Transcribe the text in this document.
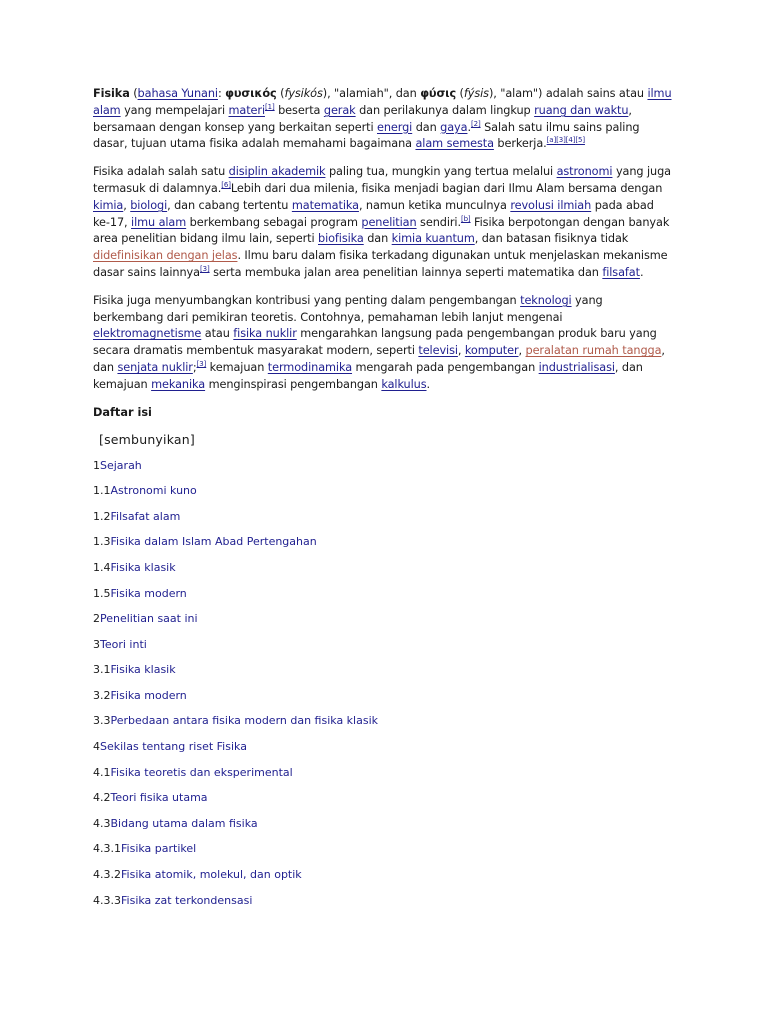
Fisika (bahasa Yunani: φυσικός (fysikós), "alamiah", dan φύσις (fýsis), "alam") adalah sains atau ilmu alam yang mempelajari materi[1] beserta gerak dan perilakunya dalam lingkup ruang dan waktu, bersamaan dengan konsep yang berkaitan seperti energi dan gaya.[2] Salah satu ilmu sains paling dasar, tujuan utama fisika adalah memahami bagaimana alam semesta berkerja.[a][3][4][5]

Fisika adalah salah satu disiplin akademik paling tua, mungkin yang tertua melalui astronomi yang juga termasuk di dalamnya.[6]Lebih dari dua milenia, fisika menjadi bagian dari Ilmu Alam bersama dengan kimia, biologi, dan cabang tertentu matematika, namun ketika munculnya revolusi ilmiah pada abad ke-17, ilmu alam berkembang sebagai program penelitian sendiri.[b] Fisika berpotongan dengan banyak area penelitian bidang ilmu lain, seperti biofisika dan kimia kuantum, dan batasan fisiknya tidak didefinisikan dengan jelas. Ilmu baru dalam fisika terkadang digunakan untuk menjelaskan mekanisme dasar sains lainnya[3] serta membuka jalan area penelitian lainnya seperti matematika dan filsafat.

Fisika juga menyumbangkan kontribusi yang penting dalam pengembangan teknologi yang berkembang dari pemikiran teoretis. Contohnya, pemahaman lebih lanjut mengenai elektromagnetisme atau fisika nuklir mengarahkan langsung pada pengembangan produk baru yang secara dramatis membentuk masyarakat modern, seperti televisi, komputer, peralatan rumah tangga, dan senjata nuklir;[3] kemajuan termodinamika mengarah pada pengembangan industrialisasi, dan kemajuan mekanika menginspirasi pengembangan kalkulus.

Daftar isi
[sembunyikan]
1Sejarah
1.1Astronomi kuno
1.2Filsafat alam
1.3Fisika dalam Islam Abad Pertengahan
1.4Fisika klasik
1.5Fisika modern
2Penelitian saat ini
3Teori inti
3.1Fisika klasik
3.2Fisika modern
3.3Perbedaan antara fisika modern dan fisika klasik
4Sekilas tentang riset Fisika
4.1Fisika teoretis dan eksperimental
4.2Teori fisika utama
4.3Bidang utama dalam fisika
4.3.1Fisika partikel
4.3.2Fisika atomik, molekul, dan optik
4.3.3Fisika zat terkondensasi
